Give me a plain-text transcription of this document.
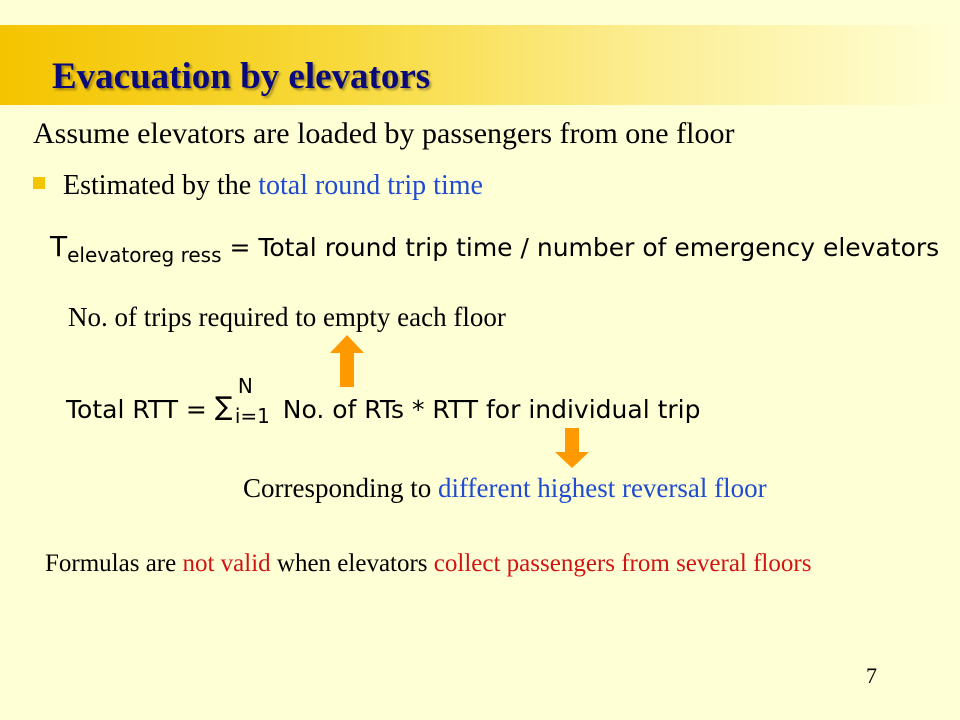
Evacuation by elevators
Assume elevators are loaded by passengers from one floor
Estimated by the total round trip time
$T_{elevatoreg ress}$ = Total round trip time / number of emergency elevators
No. of trips required to empty each floor
Total RTT = ∑
N
i=1 No. of RTs * RTT for individual trip
Corresponding to different highest reversal floor
Formulas are not valid when elevators collect passengers from several floors
7
